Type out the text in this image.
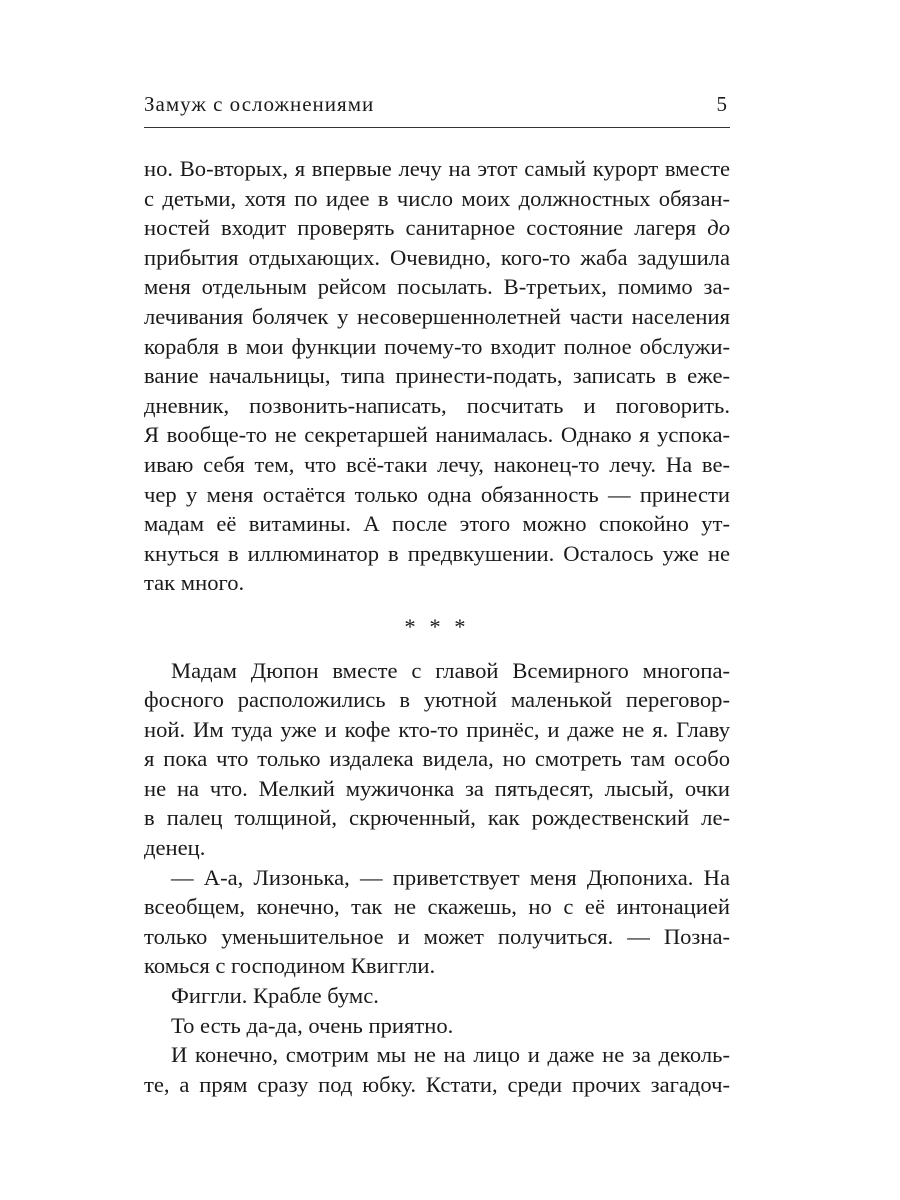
Замуж с осложнениями	5
но. Во-вторых, я впервые лечу на этот самый курорт вместе
с детьми, хотя по идее в число моих должностных обязан-
ностей входит проверять санитарное состояние лагеря до
прибытия отдыхающих. Очевидно, кого-то жаба задушила
меня отдельным рейсом посылать. В-третьих, помимо за-
лечивания болячек у несовершеннолетней части населения
корабля в мои функции почему-то входит полное обслужи-
вание начальницы, типа принести-подать, записать в еже-
дневник, позвонить-написать, посчитать и поговорить.
Я вообще-то не секретаршей нанималась. Однако я успока-
иваю себя тем, что всё-таки лечу, наконец-то лечу. На ве-
чер у меня остаётся только одна обязанность — принести
мадам её витамины. А после этого можно спокойно ут-
кнуться в иллюминатор в предвкушении. Осталось уже не
так много.
* * *
Мадам Дюпон вместе с главой Всемирного многопа-
фосного расположились в уютной маленькой переговор-
ной. Им туда уже и кофе кто-то принёс, и даже не я. Главу
я пока что только издалека видела, но смотреть там особо
не на что. Мелкий мужичонка за пятьдесят, лысый, очки
в палец толщиной, скрюченный, как рождественский ле-
денец.
— А-а, Лизонька, — приветствует меня Дюпониха. На
всеобщем, конечно, так не скажешь, но с её интонацией
только уменьшительное и может получиться. — Позна-
комься с господином Квиггли.
Фиггли. Крабле бумс.
То есть да-да, очень приятно.
И конечно, смотрим мы не на лицо и даже не за деколь-
те, а прям сразу под юбку. Кстати, среди прочих загадоч-
